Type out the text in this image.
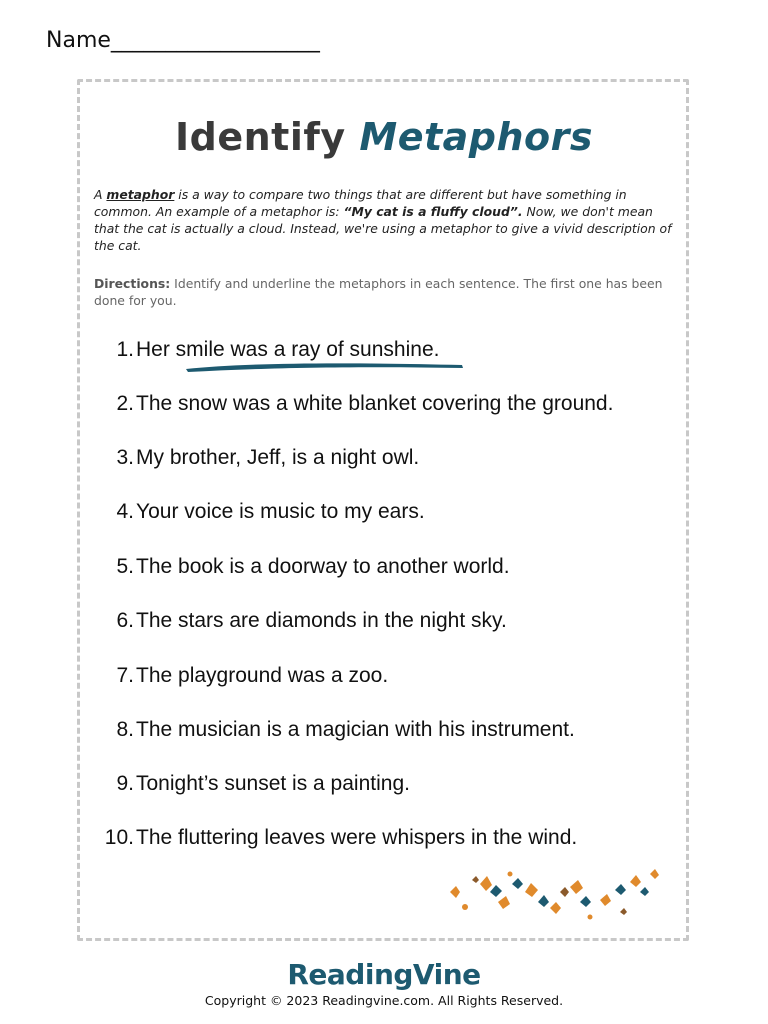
Name___________________
Identify Metaphors
A metaphor is a way to compare two things that are different but have something in common. An example of a metaphor is: “My cat is a fluffy cloud”. Now, we don't mean that the cat is actually a cloud. Instead, we're using a metaphor to give a vivid description of the cat.
Directions: Identify and underline the metaphors in each sentence. The first one has been done for you.
1. Her smile was a ray of sunshine.
2. The snow was a white blanket covering the ground.
3. My brother, Jeff, is a night owl.
4. Your voice is music to my ears.
5. The book is a doorway to another world.
6. The stars are diamonds in the night sky.
7. The playground was a zoo.
8. The musician is a magician with his instrument.
9. Tonight’s sunset is a painting.
10. The fluttering leaves were whispers in the wind.
ReadingVine
Copyright © 2023 Readingvine.com. All Rights Reserved.
